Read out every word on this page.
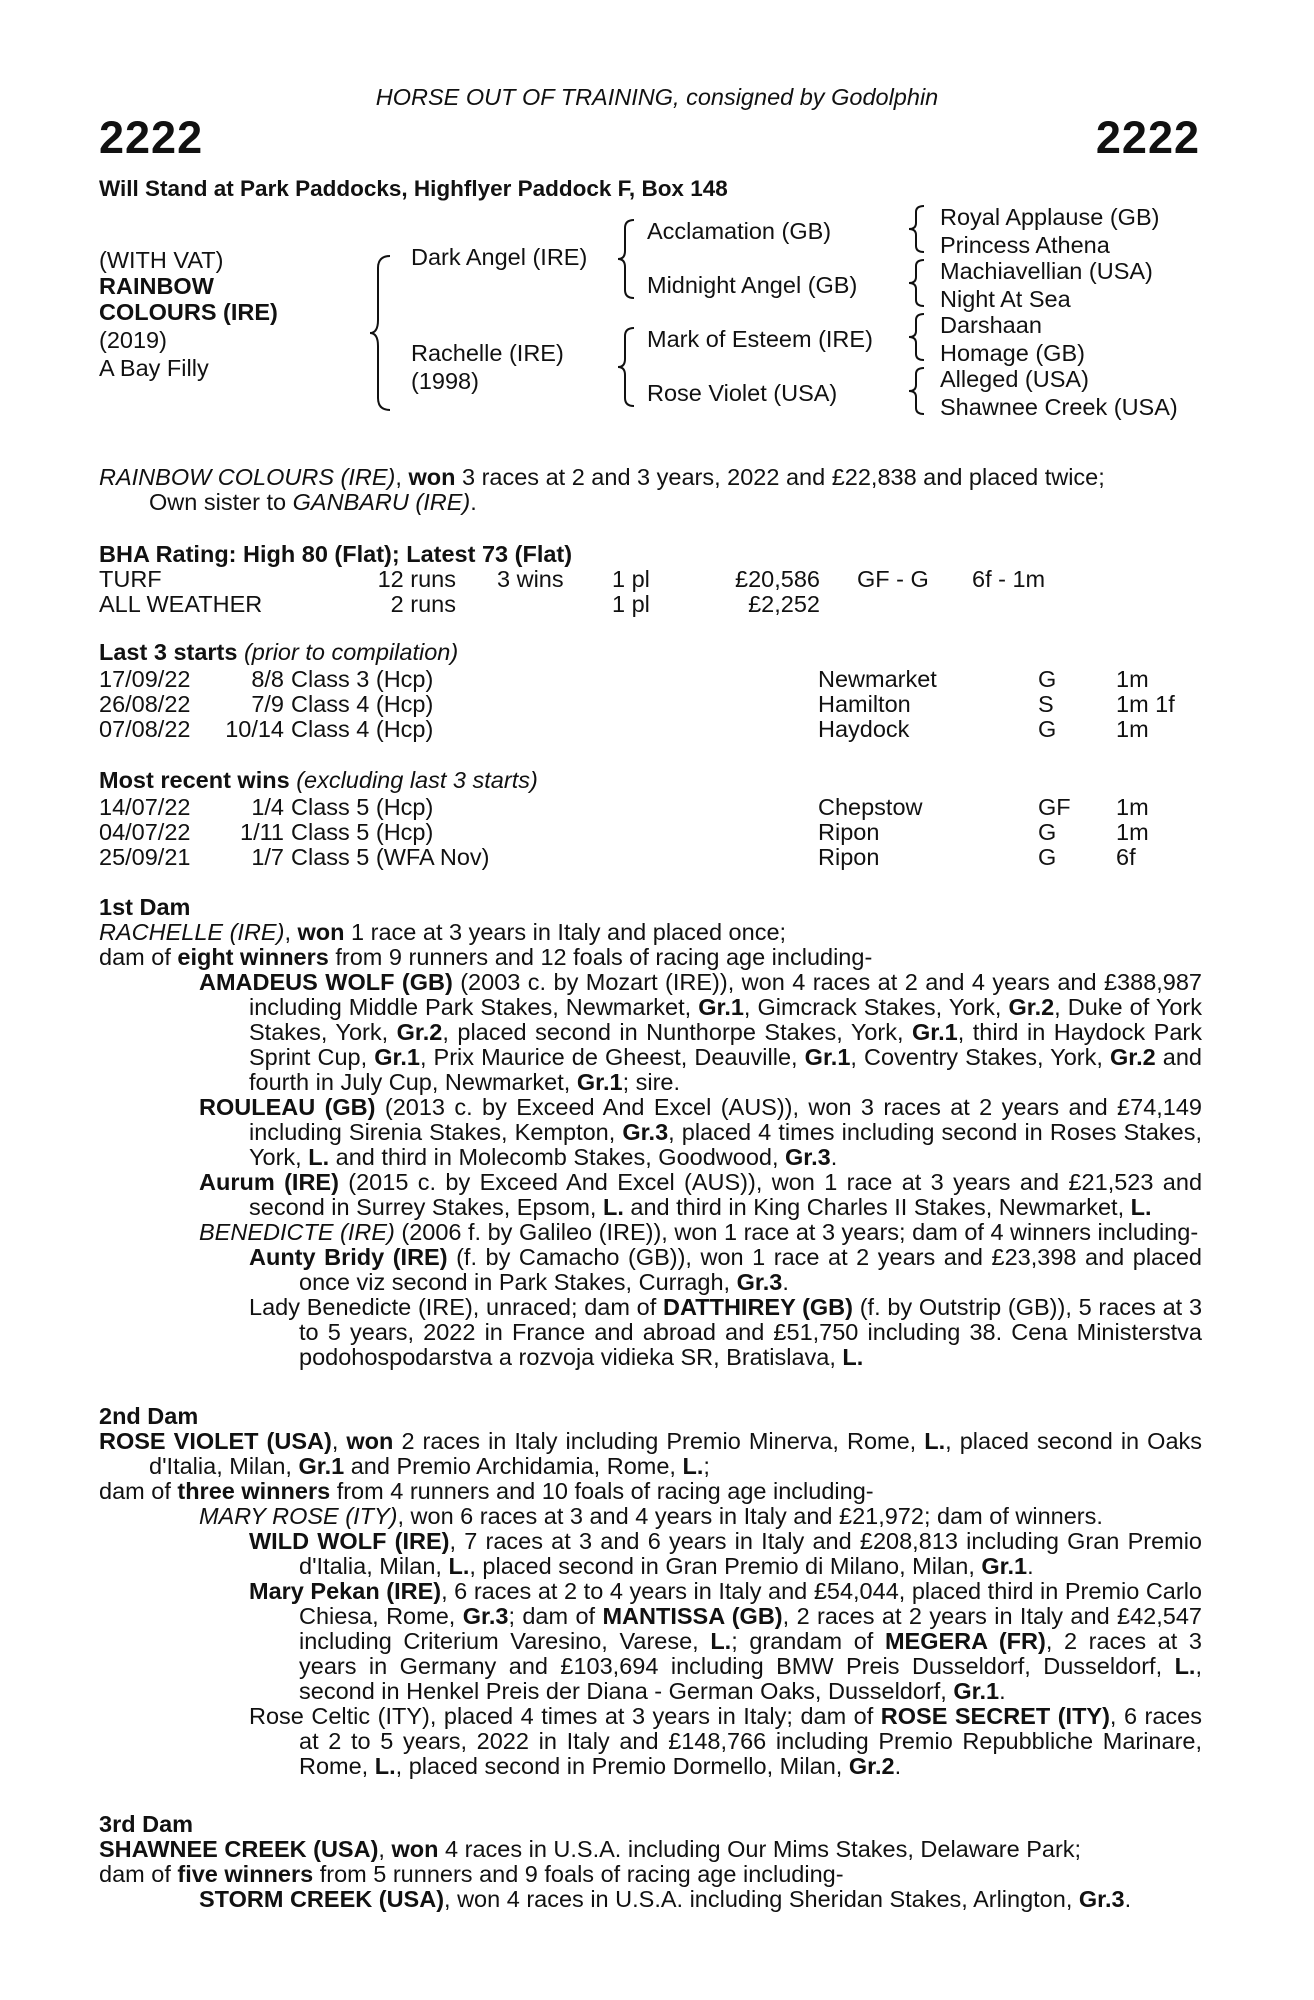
HORSE OUT OF TRAINING, consigned by Godolphin
2222	2222
Will Stand at Park Paddocks, Highflyer Paddock F, Box 148
(WITH VAT)
RAINBOW
COLOURS (IRE)
(2019)
A Bay Filly
Dark Angel (IRE)
Rachelle (IRE)
(1998)
Acclamation (GB)
Midnight Angel (GB)
Mark of Esteem (IRE)
Rose Violet (USA)
Royal Applause (GB)
Princess Athena
Machiavellian (USA)
Night At Sea
Darshaan
Homage (GB)
Alleged (USA)
Shawnee Creek (USA)

RAINBOW COLOURS (IRE), won 3 races at 2 and 3 years, 2022 and £22,838 and placed twice;

Own sister to GANBARU (IRE).

BHA Rating: High 80 (Flat); Latest 73 (Flat)
TURF	12 runs 3 wins 1 pl	£20,586 GF - G 6f - 1m
ALL WEATHER	2 runs	1 pl	£2,252
Last 3 starts (prior to compilation)
17/09/22	8/8 Class 3 (Hcp)	Newmarket	G	1m
26/08/22	7/9 Class 4 (Hcp)	Hamilton	S	1m 1f
07/08/22 10/14 Class 4 (Hcp)	Haydock	G	1m
Most recent wins (excluding last 3 starts)
14/07/22	1/4 Class 5 (Hcp)	Chepstow	GF 1m
04/07/22 1/11 Class 5 (Hcp)	Ripon	G	1m
25/09/21	1/7 Class 5 (WFA Nov)	Ripon	G	6f

1st Dam

RACHELLE (IRE), won 1 race at 3 years in Italy and placed once;

dam of eight winners from 9 runners and 12 foals of racing age including-

AMADEUS WOLF (GB) (2003 c. by Mozart (IRE)), won 4 races at 2 and 4 years and £388,987 including Middle Park Stakes, Newmarket, Gr.1, Gimcrack Stakes, York, Gr.2, Duke of York Stakes, York, Gr.2, placed second in Nunthorpe Stakes, York, Gr.1, third in Haydock Park Sprint Cup, Gr.1, Prix Maurice de Gheest, Deauville, Gr.1, Coventry Stakes, York, Gr.2 and fourth in July Cup, Newmarket, Gr.1; sire.

ROULEAU (GB) (2013 c. by Exceed And Excel (AUS)), won 3 races at 2 years and £74,149 including Sirenia Stakes, Kempton, Gr.3, placed 4 times including second in Roses Stakes, York, L. and third in Molecomb Stakes, Goodwood, Gr.3.

Aurum (IRE) (2015 c. by Exceed And Excel (AUS)), won 1 race at 3 years and £21,523 and second in Surrey Stakes, Epsom, L. and third in King Charles II Stakes, Newmarket, L.

BENEDICTE (IRE) (2006 f. by Galileo (IRE)), won 1 race at 3 years; dam of 4 winners including-

Aunty Bridy (IRE) (f. by Camacho (GB)), won 1 race at 2 years and £23,398 and placed once viz second in Park Stakes, Curragh, Gr.3.

Lady Benedicte (IRE), unraced; dam of DATTHIREY (GB) (f. by Outstrip (GB)), 5 races at 3 to 5 years, 2022 in France and abroad and £51,750 including 38. Cena Ministerstva podohospodarstva a rozvoja vidieka SR, Bratislava, L.

2nd Dam

ROSE VIOLET (USA), won 2 races in Italy including Premio Minerva, Rome, L., placed second in Oaks d'Italia, Milan, Gr.1 and Premio Archidamia, Rome, L.;

dam of three winners from 4 runners and 10 foals of racing age including-

MARY ROSE (ITY), won 6 races at 3 and 4 years in Italy and £21,972; dam of winners.

WILD WOLF (IRE), 7 races at 3 and 6 years in Italy and £208,813 including Gran Premio d'Italia, Milan, L., placed second in Gran Premio di Milano, Milan, Gr.1.

Mary Pekan (IRE), 6 races at 2 to 4 years in Italy and £54,044, placed third in Premio Carlo Chiesa, Rome, Gr.3; dam of MANTISSA (GB), 2 races at 2 years in Italy and £42,547 including Criterium Varesino, Varese, L.; grandam of MEGERA (FR), 2 races at 3 years in Germany and £103,694 including BMW Preis Dusseldorf, Dusseldorf, L., second in Henkel Preis der Diana - German Oaks, Dusseldorf, Gr.1.

Rose Celtic (ITY), placed 4 times at 3 years in Italy; dam of ROSE SECRET (ITY), 6 races at 2 to 5 years, 2022 in Italy and £148,766 including Premio Repubbliche Marinare, Rome, L., placed second in Premio Dormello, Milan, Gr.2.

3rd Dam

SHAWNEE CREEK (USA), won 4 races in U.S.A. including Our Mims Stakes, Delaware Park;

dam of five winners from 5 runners and 9 foals of racing age including-

STORM CREEK (USA), won 4 races in U.S.A. including Sheridan Stakes, Arlington, Gr.3.
